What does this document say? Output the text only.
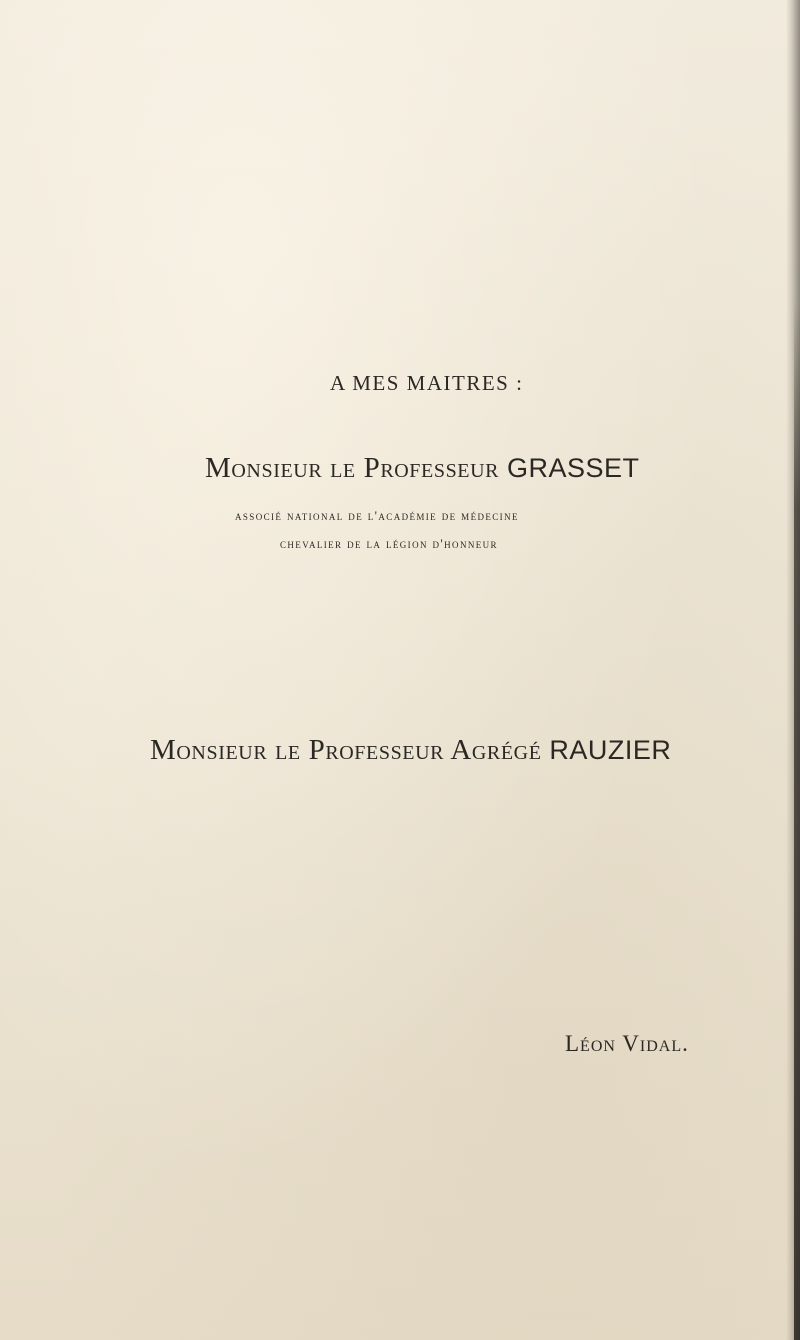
A MES MAITRES :
Monsieur le Professeur GRASSET
associé national de l'académie de médecine
chevalier de la légion d'honneur
Monsieur le Professeur Agrégé RAUZIER
Léon Vidal.
